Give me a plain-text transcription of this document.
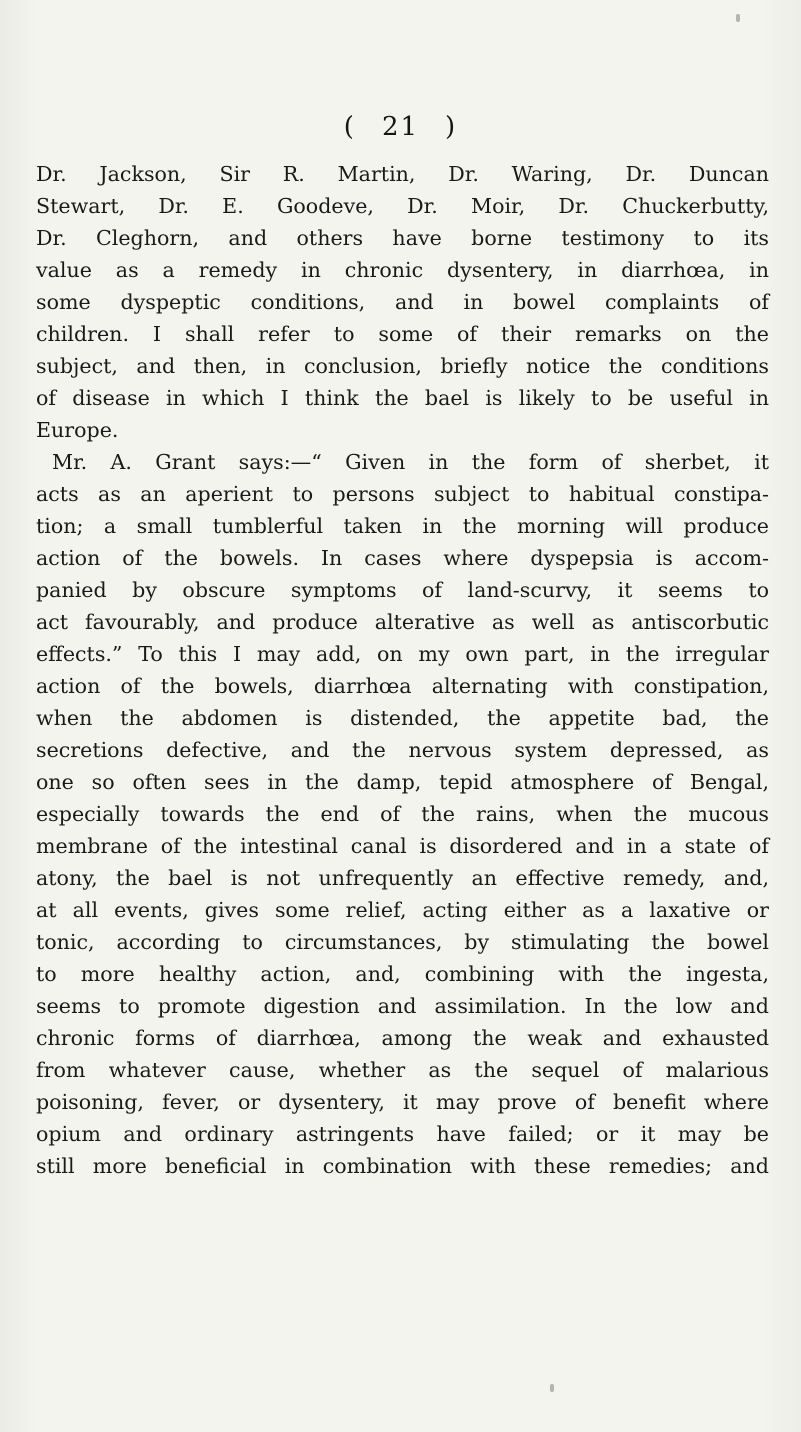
( 21 )
Dr. Jackson, Sir R. Martin, Dr. Waring, Dr. Duncan
Stewart, Dr. E. Goodeve, Dr. Moir, Dr. Chuckerbutty,
Dr. Cleghorn, and others have borne testimony to its
value as a remedy in chronic dysentery, in diarrhœa, in
some dyspeptic conditions, and in bowel complaints of
children. I shall refer to some of their remarks on the
subject, and then, in conclusion, briefly notice the conditions
of disease in which I think the bael is likely to be useful in
Europe.
Mr. A. Grant says:—“ Given in the form of sherbet, it
acts as an aperient to persons subject to habitual constipa-
tion; a small tumblerful taken in the morning will produce
action of the bowels. In cases where dyspepsia is accom-
panied by obscure symptoms of land-scurvy, it seems to
act favourably, and produce alterative as well as antiscorbutic
effects.” To this I may add, on my own part, in the irregular
action of the bowels, diarrhœa alternating with constipation,
when the abdomen is distended, the appetite bad, the
secretions defective, and the nervous system depressed, as
one so often sees in the damp, tepid atmosphere of Bengal,
especially towards the end of the rains, when the mucous
membrane of the intestinal canal is disordered and in a state of
atony, the bael is not unfrequently an effective remedy, and,
at all events, gives some relief, acting either as a laxative or
tonic, according to circumstances, by stimulating the bowel
to more healthy action, and, combining with the ingesta,
seems to promote digestion and assimilation. In the low and
chronic forms of diarrhœa, among the weak and exhausted
from whatever cause, whether as the sequel of malarious
poisoning, fever, or dysentery, it may prove of benefit where
opium and ordinary astringents have failed; or it may be
still more beneficial in combination with these remedies; and
